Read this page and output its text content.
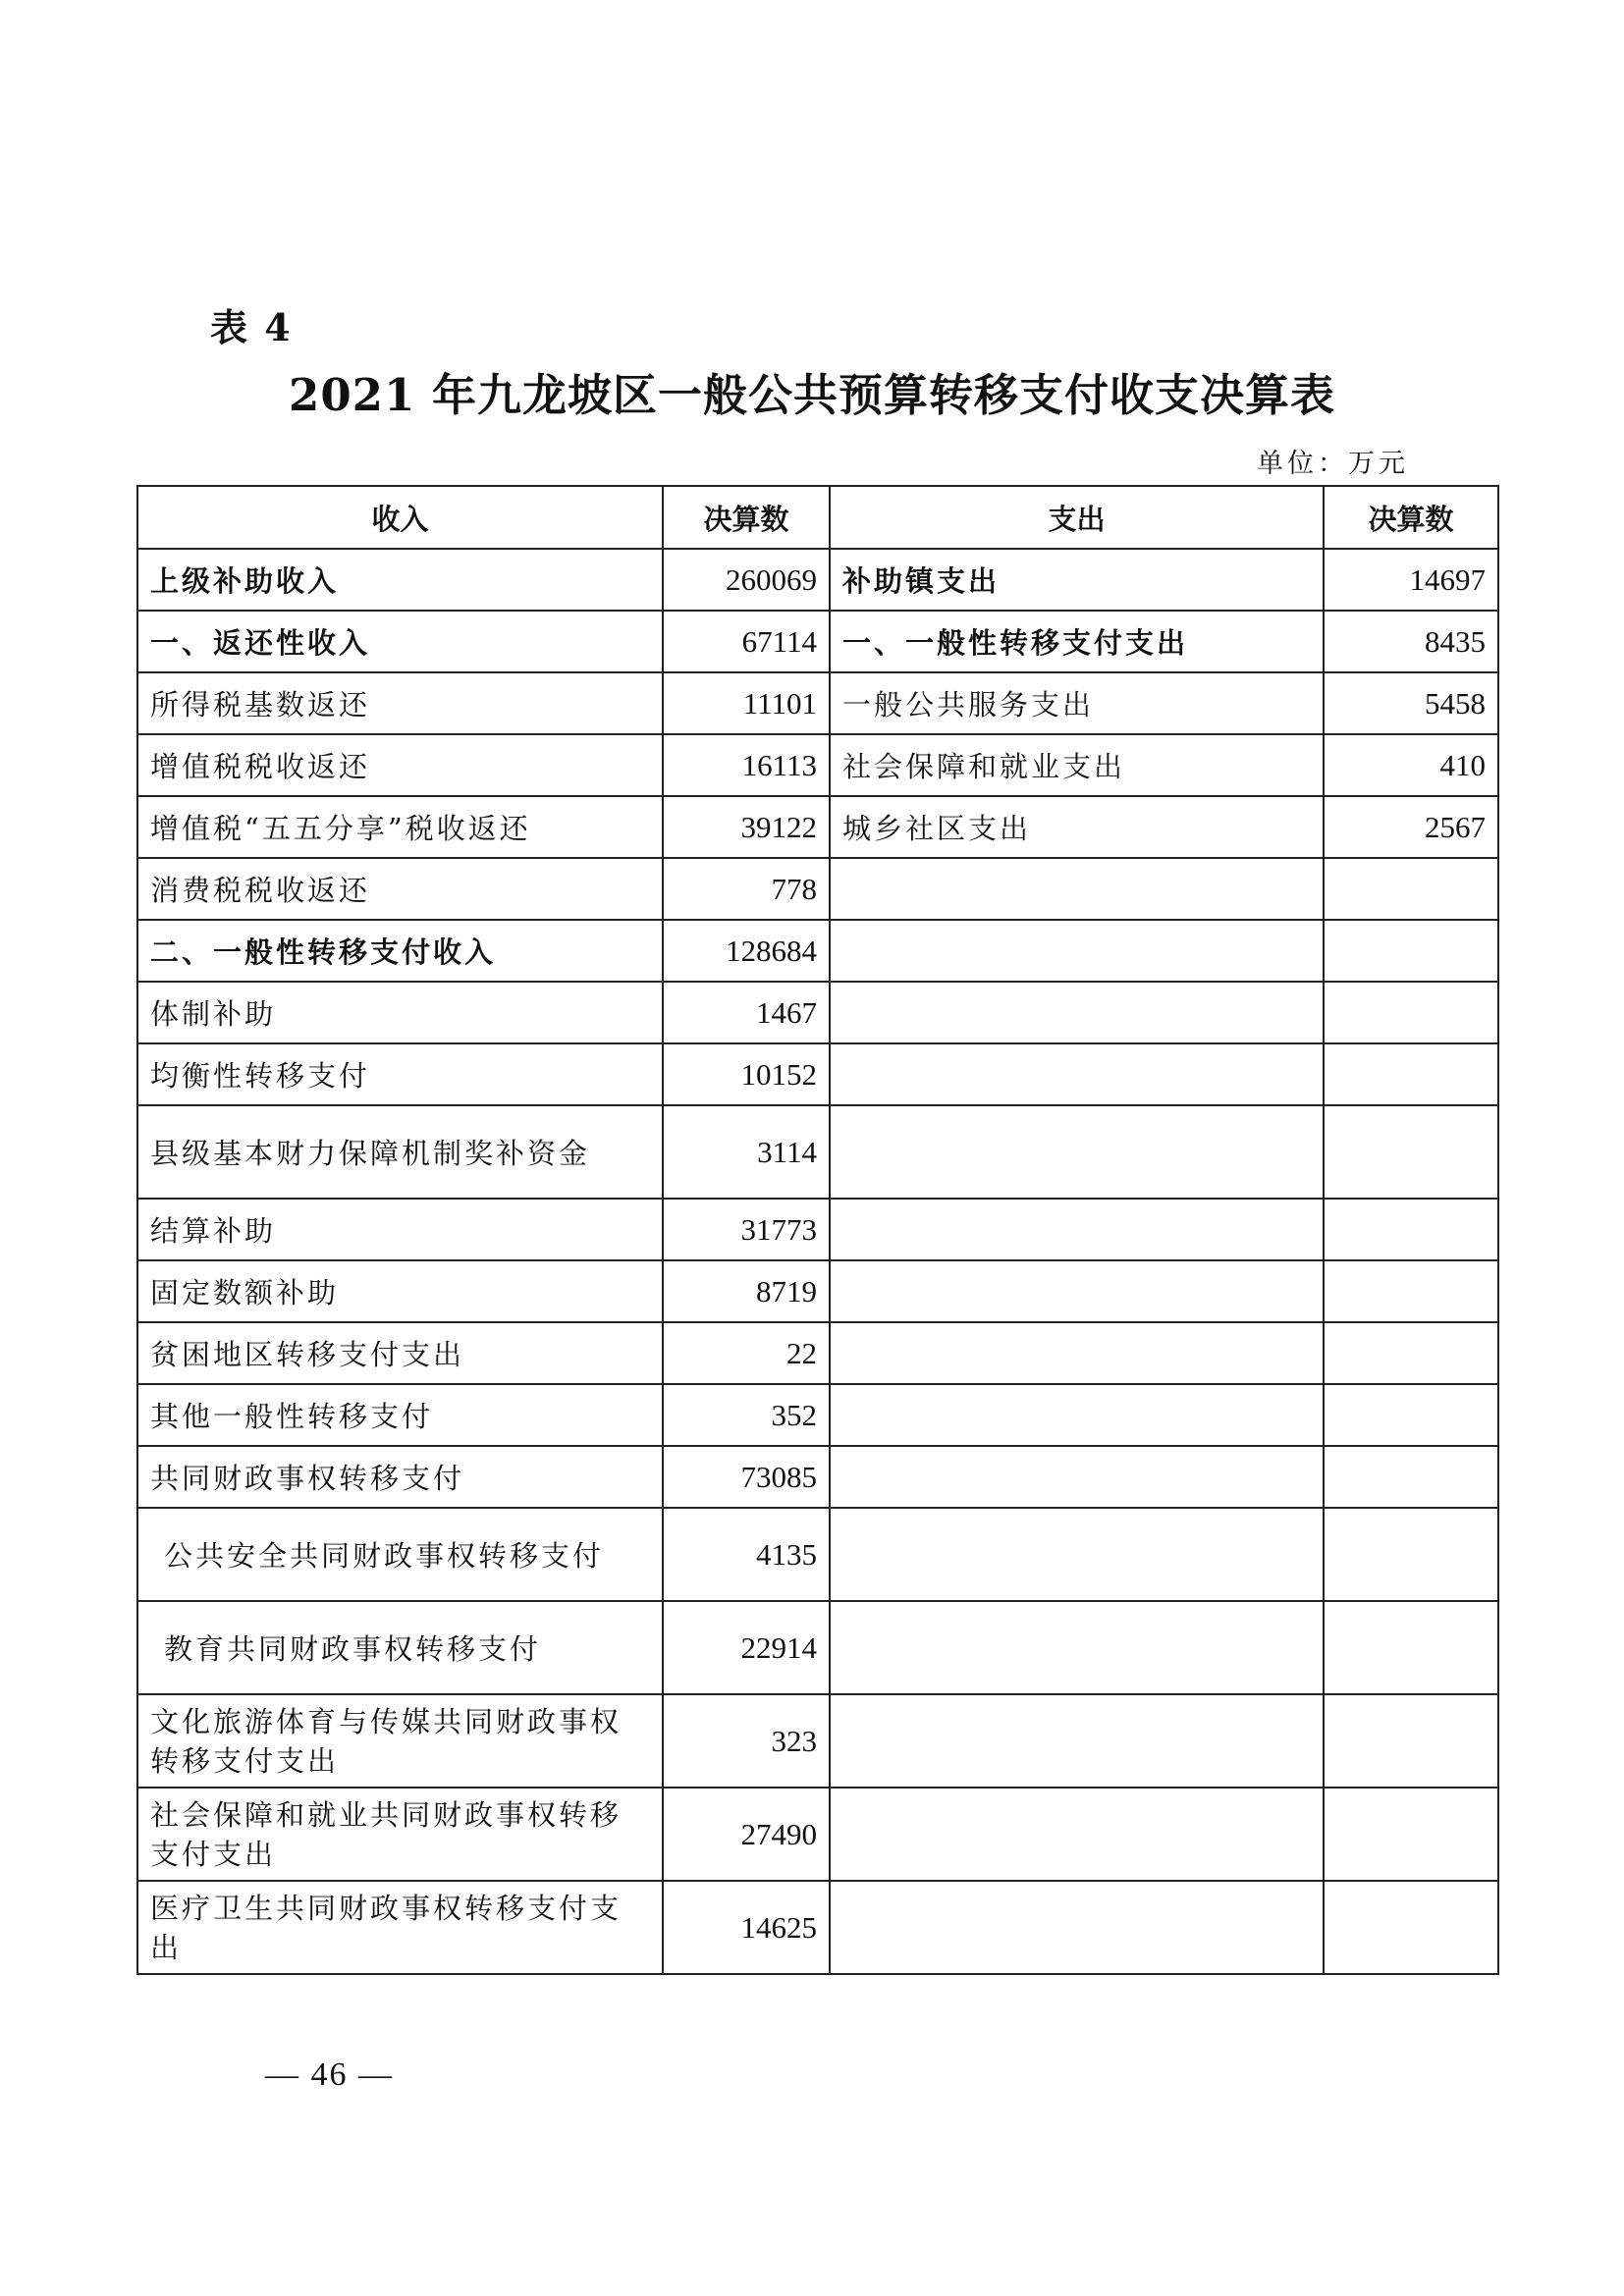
表 4
2021 年九龙坡区一般公共预算转移支付收支决算表
单位：万元
收入	决算数	支出	决算数
上级补助收入	260069	补助镇支出	14697
一、返还性收入	67114	一、一般性转移支付支出	8435
所得税基数返还	11101	一般公共服务支出	5458
增值税税收返还	16113	社会保障和就业支出	410
增值税“五五分享”税收返还	39122	城乡社区支出	2567
消费税税收返还	778		
二、一般性转移支付收入	128684		
体制补助	1467		
均衡性转移支付	10152		
县级基本财力保障机制奖补资金	3114		
结算补助	31773		
固定数额补助	8719		
贫困地区转移支付支出	22		
其他一般性转移支付	352		
共同财政事权转移支付	73085		
公共安全共同财政事权转移支付	4135		
教育共同财政事权转移支付	22914		
文化旅游体育与传媒共同财政事权转移支付支出	323		
社会保障和就业共同财政事权转移支付支出	27490		
医疗卫生共同财政事权转移支付支出	14625		
— 46 —
